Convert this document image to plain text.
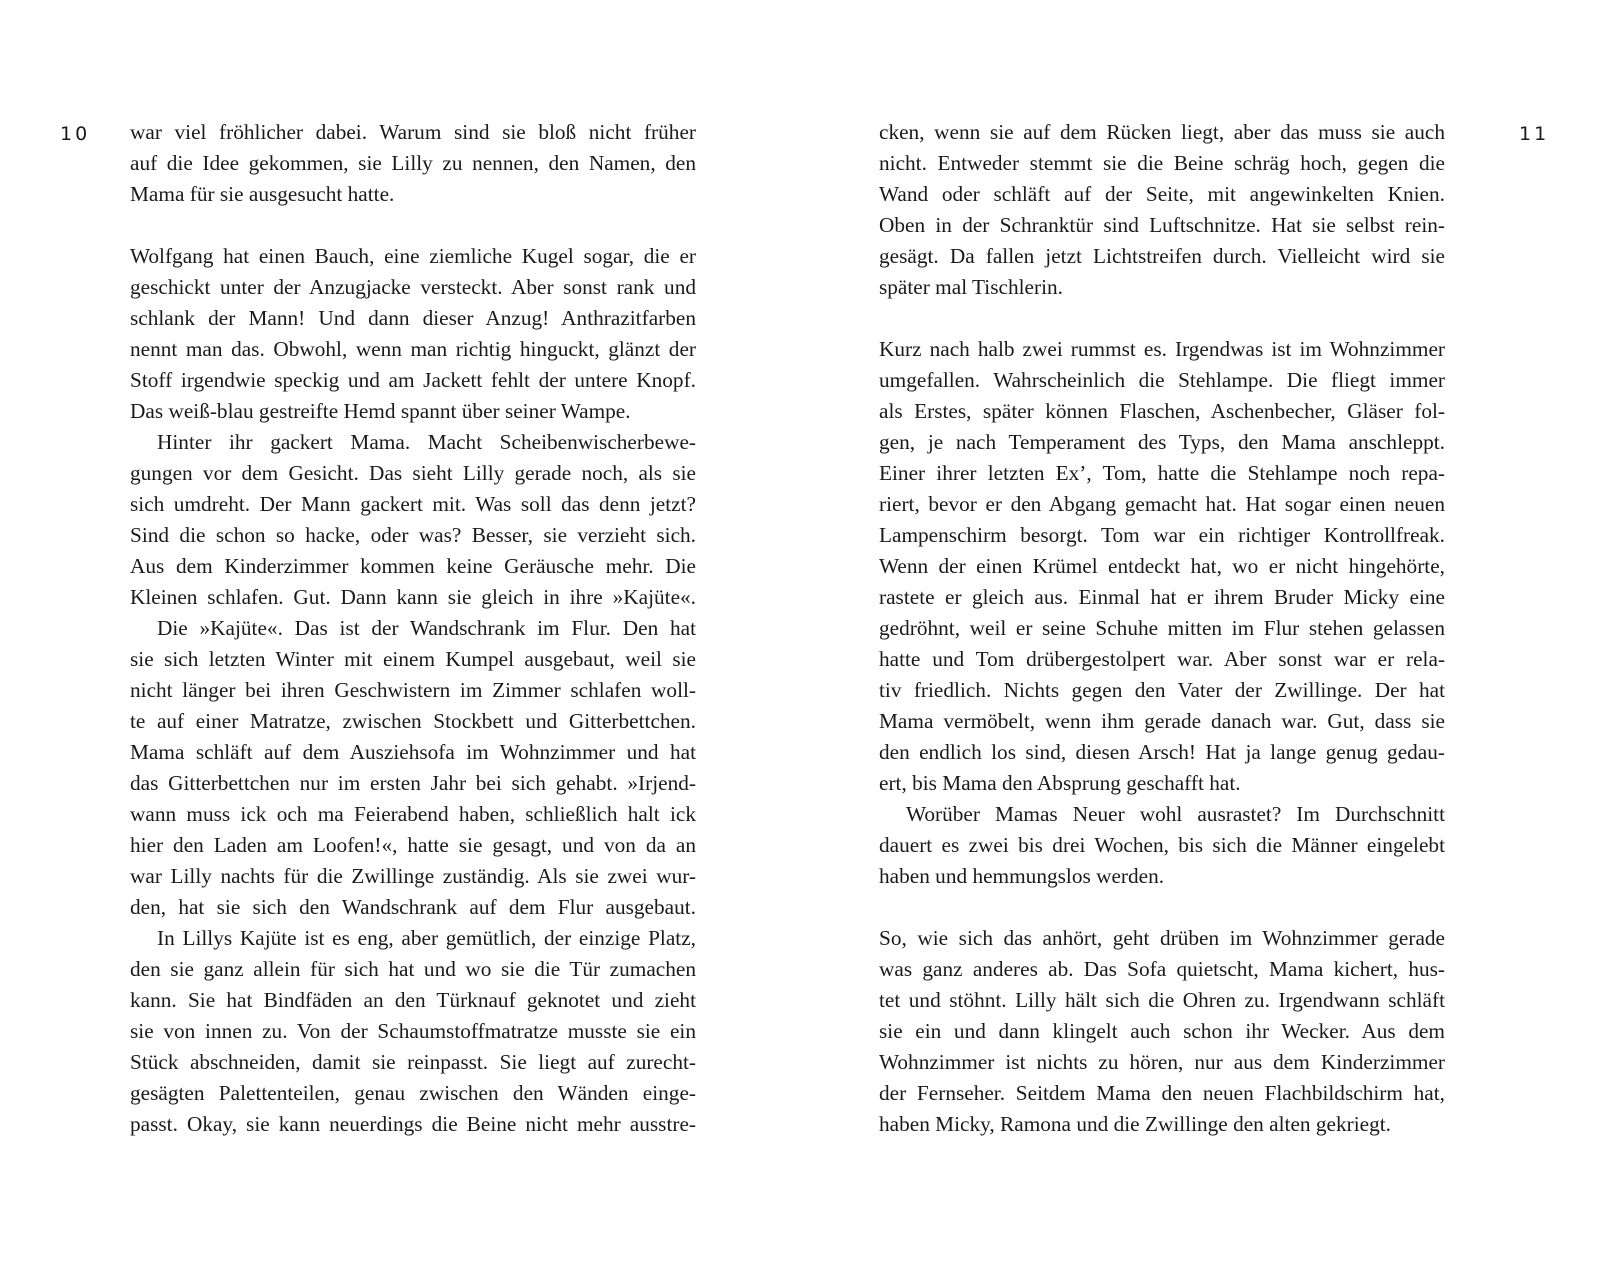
10 war viel fröhlicher dabei. Warum sind sie bloß nicht früher
auf die Idee gekommen, sie Lilly zu nennen, den Namen, den
Mama für sie ausgesucht hatte.
Wolfgang hat einen Bauch, eine ziemliche Kugel sogar, die er
geschickt unter der Anzugjacke versteckt. Aber sonst rank und
schlank der Mann! Und dann dieser Anzug! Anthrazitfarben
nennt man das. Obwohl, wenn man richtig hinguckt, glänzt der
Stoff irgendwie speckig und am Jackett fehlt der untere Knopf.
Das weiß-blau gestreifte Hemd spannt über seiner Wampe.
Hinter ihr gackert Mama. Macht Scheibenwischerbewe-
gungen vor dem Gesicht. Das sieht Lilly gerade noch, als sie
sich umdreht. Der Mann gackert mit. Was soll das denn jetzt?
Sind die schon so hacke, oder was? Besser, sie verzieht sich.
Aus dem Kinderzimmer kommen keine Geräusche mehr. Die
Kleinen schlafen. Gut. Dann kann sie gleich in ihre »Kajüte«.
Die »Kajüte«. Das ist der Wandschrank im Flur. Den hat
sie sich letzten Winter mit einem Kumpel ausgebaut, weil sie
nicht länger bei ihren Geschwistern im Zimmer schlafen woll-
te auf einer Matratze, zwischen Stockbett und Gitterbettchen.
Mama schläft auf dem Ausziehsofa im Wohnzimmer und hat
das Gitterbettchen nur im ersten Jahr bei sich gehabt. »Irjend-
wann muss ick och ma Feierabend haben, schließlich halt ick
hier den Laden am Loofen!«, hatte sie gesagt, und von da an
war Lilly nachts für die Zwillinge zuständig. Als sie zwei wur-
den, hat sie sich den Wandschrank auf dem Flur ausgebaut.
In Lillys Kajüte ist es eng, aber gemütlich, der einzige Platz,
den sie ganz allein für sich hat und wo sie die Tür zumachen
kann. Sie hat Bindfäden an den Türknauf geknotet und zieht
sie von innen zu. Von der Schaumstoffmatratze musste sie ein
Stück abschneiden, damit sie reinpasst. Sie liegt auf zurecht-
gesägten Palettenteilen, genau zwischen den Wänden einge-
passt. Okay, sie kann neuerdings die Beine nicht mehr ausstre-
11
cken, wenn sie auf dem Rücken liegt, aber das muss sie auch
nicht. Entweder stemmt sie die Beine schräg hoch, gegen die
Wand oder schläft auf der Seite, mit angewinkelten Knien.
Oben in der Schranktür sind Luftschnitze. Hat sie selbst rein-
gesägt. Da fallen jetzt Lichtstreifen durch. Vielleicht wird sie
später mal Tischlerin.
Kurz nach halb zwei rummst es. Irgendwas ist im Wohnzimmer
umgefallen. Wahrscheinlich die Stehlampe. Die fliegt immer
als Erstes, später können Flaschen, Aschenbecher, Gläser fol-
gen, je nach Temperament des Typs, den Mama anschleppt.
Einer ihrer letzten Ex’, Tom, hatte die Stehlampe noch repa-
riert, bevor er den Abgang gemacht hat. Hat sogar einen neuen
Lampenschirm besorgt. Tom war ein richtiger Kontrollfreak.
Wenn der einen Krümel entdeckt hat, wo er nicht hingehörte,
rastete er gleich aus. Einmal hat er ihrem Bruder Micky eine
gedröhnt, weil er seine Schuhe mitten im Flur stehen gelassen
hatte und Tom drübergestolpert war. Aber sonst war er rela-
tiv friedlich. Nichts gegen den Vater der Zwillinge. Der hat
Mama vermöbelt, wenn ihm gerade danach war. Gut, dass sie
den endlich los sind, diesen Arsch! Hat ja lange genug gedau-
ert, bis Mama den Absprung geschafft hat.
Worüber Mamas Neuer wohl ausrastet? Im Durchschnitt
dauert es zwei bis drei Wochen, bis sich die Männer eingelebt
haben und hemmungslos werden.
So, wie sich das anhört, geht drüben im Wohnzimmer gerade
was ganz anderes ab. Das Sofa quietscht, Mama kichert, hus-
tet und stöhnt. Lilly hält sich die Ohren zu. Irgendwann schläft
sie ein und dann klingelt auch schon ihr Wecker. Aus dem
Wohnzimmer ist nichts zu hören, nur aus dem Kinderzimmer
der Fernseher. Seitdem Mama den neuen Flachbildschirm hat,
haben Micky, Ramona und die Zwillinge den alten gekriegt.
